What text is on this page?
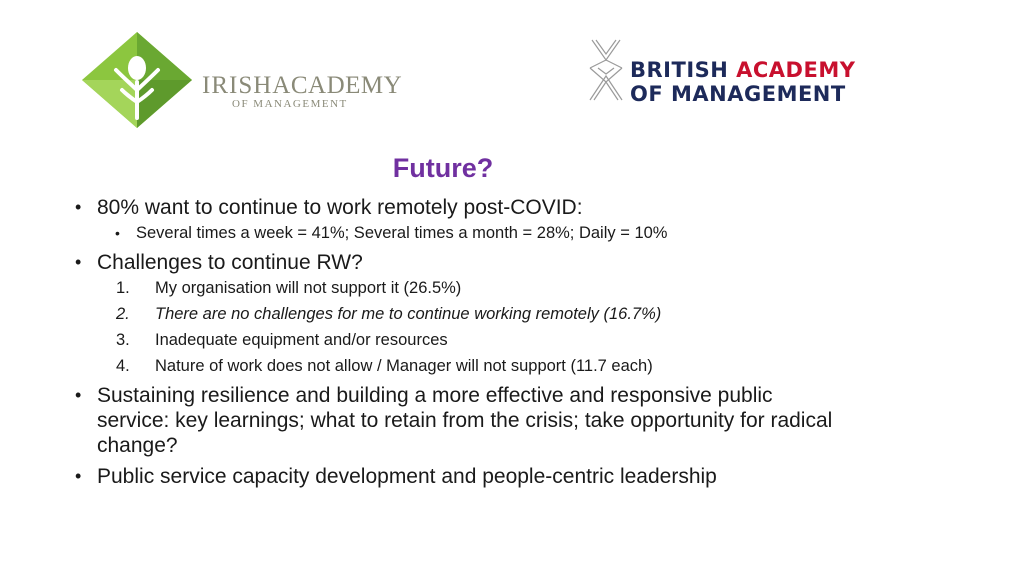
IRISHACADEMY
OF MANAGEMENT
BRITISH ACADEMY
OF MANAGEMENT
Future?
• 80% want to continue to work remotely post-COVID:
• Several times a week = 41%; Several times a month = 28%; Daily = 10%
• Challenges to continue RW?
1. My organisation will not support it (26.5%)
2. There are no challenges for me to continue working remotely (16.7%)
3. Inadequate equipment and/or resources
4. Nature of work does not allow / Manager will not support (11.7 each)
• Sustaining resilience and building a more effective and responsive public service: key learnings; what to retain from the crisis; take opportunity for radical change?
• Public service capacity development and people-centric leadership
